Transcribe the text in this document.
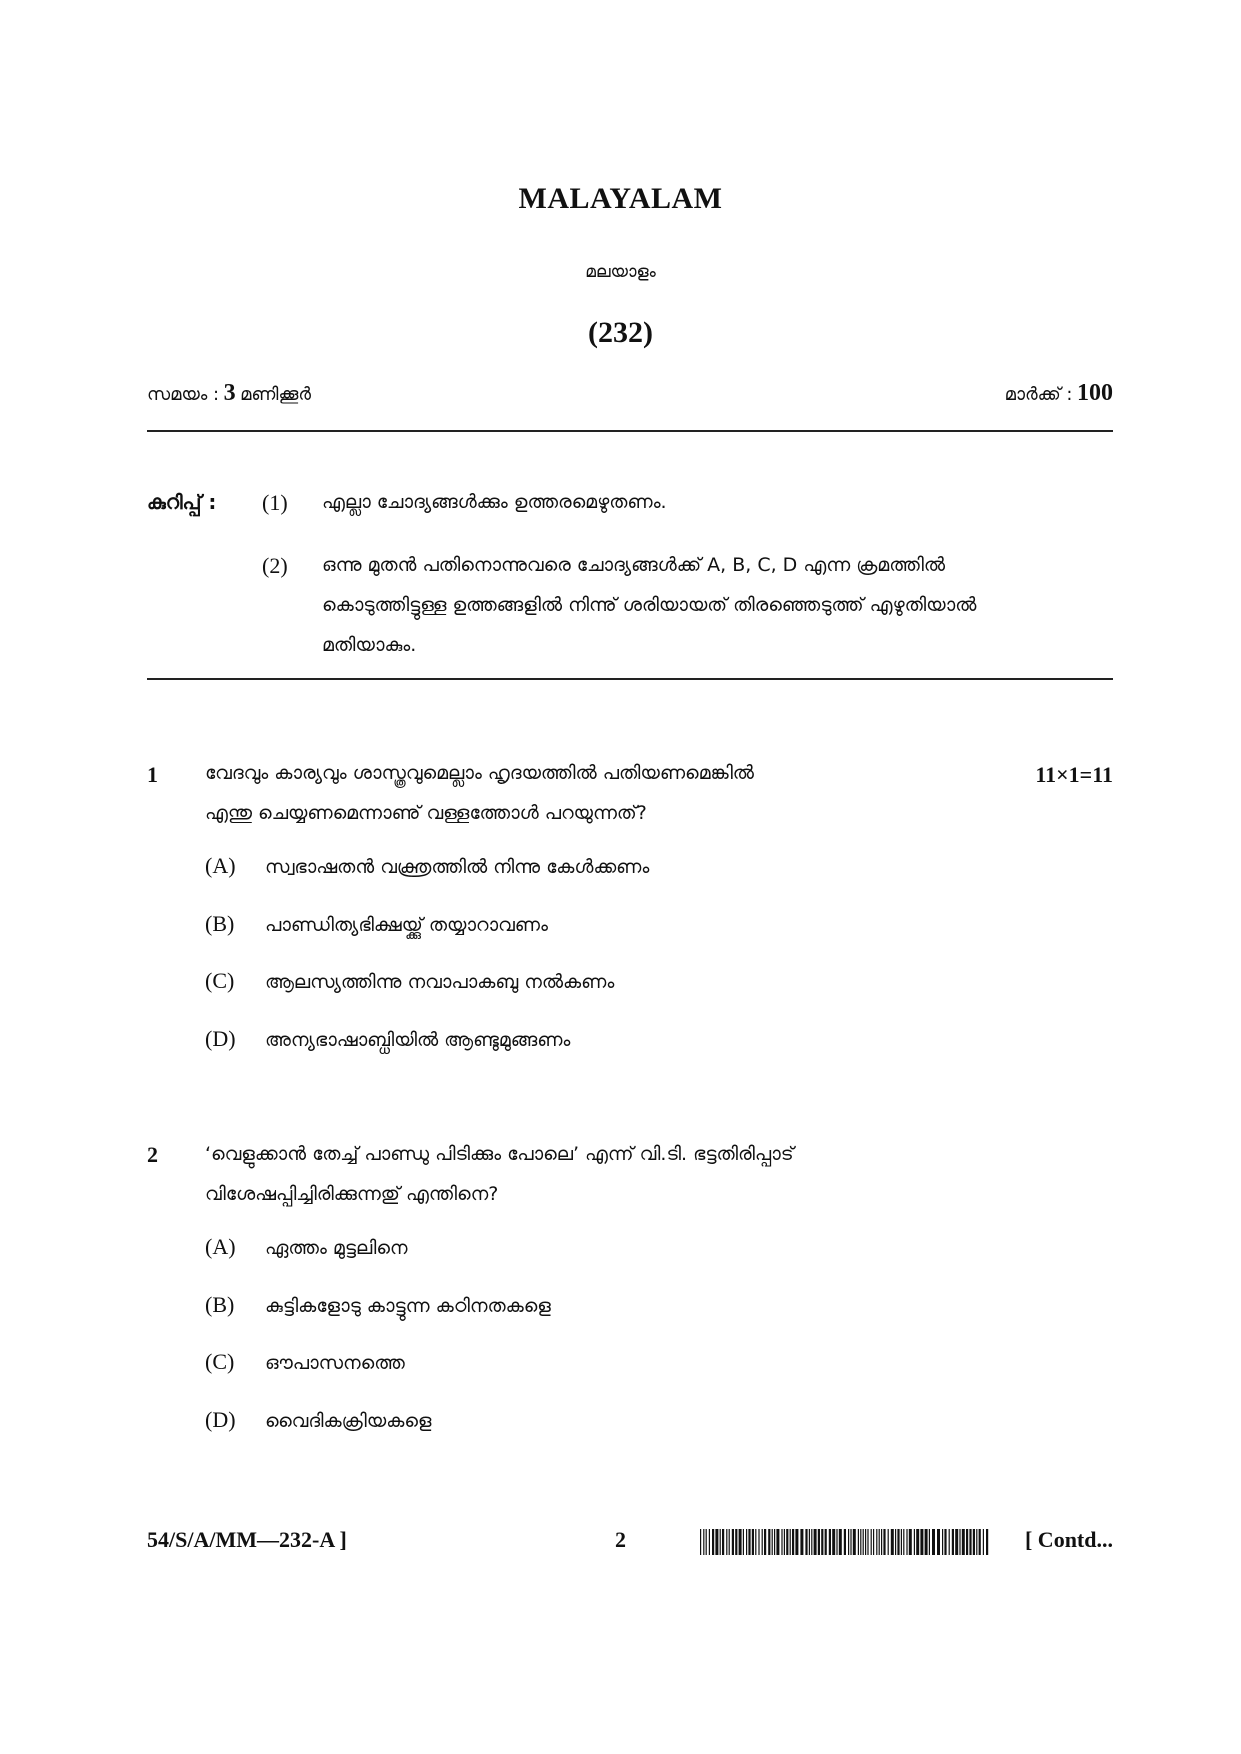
MALAYALAM
മലയാളം
(232)
സമയം : 3 മണിക്കൂർ	മാർക്ക് : 100
കുറിപ്പ് : (1) എല്ലാ ചോദ്യങ്ങൾക്കും ഉത്തരമെഴുതണം.
(2) ഒന്നു മുതൻ പതിനൊന്നുവരെ ചോദ്യങ്ങൾക്ക് A, B, C, D എന്ന ക്രമത്തിൽ
കൊടുത്തിട്ടുള്ള ഉത്തങ്ങളിൽ നിന്നു് ശരിയായത് തിരഞ്ഞെടുത്ത് എഴുതിയാൽ
മതിയാകും.
1	11×1=11
വേദവും കാര്യവും ശാസ്ത്രവുമെല്ലാം ഹൃദയത്തിൽ പതിയണമെങ്കിൽ
എന്തു ചെയ്യണമെന്നാണു് വള്ളത്തോൾ പറയുന്നത്?
(A)	സ്വഭാഷതൻ വക്ത്രത്തിൽ നിന്നു കേൾക്കണം
(B)	പാണ്ഡിത്യഭിക്ഷയ്ക്കു് തയ്യാറാവണം
(C)	ആലസ്യത്തിന്നു നവാപാകബു നൽകണം
(D)	അന്യഭാഷാബ്ധിയിൽ ആണ്ടുമുങ്ങണം
2 ‘വെളുക്കാൻ തേച്ച് പാണ്ഡു പിടിക്കും പോലെ’ എന്ന് വി.ടി. ഭട്ടതിരിപ്പാട്
വിശേഷപ്പിച്ചിരിക്കുന്നതു് എന്തിനെ?
(A)	ഏത്തം മുട്ടലിനെ
(B)	കുട്ടികളോടു കാട്ടുന്ന കഠിനതകളെ
(C)	ഔപാസനത്തെ
(D)	വൈദികക്രിയകളെ
54/S/A/MM—232-A ]	2	[ Contd...
